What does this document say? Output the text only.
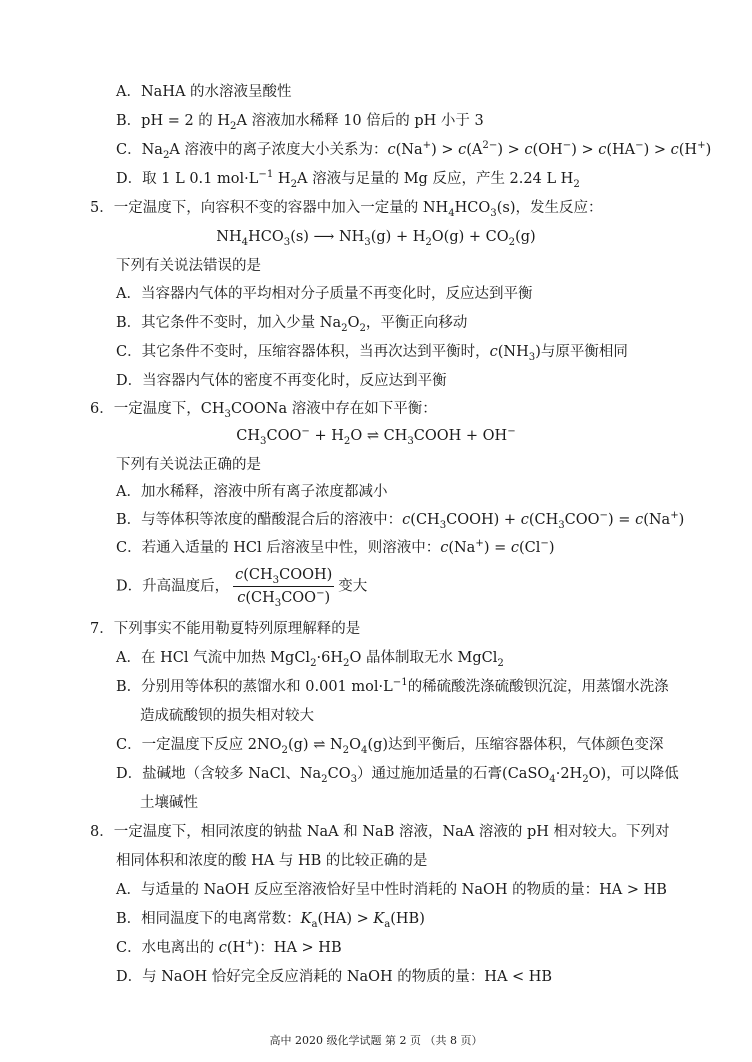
A．NaHA 的水溶液呈酸性
B．pH = 2 的 $H_2A$ 溶液加水稀释 10 倍后的 pH 小于 3
C．$Na_2A$ 溶液中的离子浓度大小关系为：$c(Na^+) > c(A^{2-}) > c(OH^-) > c(HA^-) > c(H^+)$
D．取 1 L 0.1 $mol\cdot L^{-1}$ $H_2A$ 溶液与足量的 Mg 反应，产生 2.24 L $H_2$
5．一定温度下，向容积不变的容器中加入一定量的 $NH_4HCO_3(s)$，发生反应：
$NH_4HCO_3(s)$ ⟶ $NH_3(g) + H_2O(g) + CO_2(g)$
下列有关说法错误的是
A．当容器内气体的平均相对分子质量不再变化时，反应达到平衡
B．其它条件不变时，加入少量 $Na_2O_2$，平衡正向移动
C．其它条件不变时，压缩容器体积，当再次达到平衡时，$c(NH_3)$与原平衡相同
D．当容器内气体的密度不再变化时，反应达到平衡
6．一定温度下，$CH_3COONa$ 溶液中存在如下平衡：
$CH_3COO^- + H_2O$ ⇌ $CH_3COOH + OH^-$
下列有关说法正确的是
A．加水稀释，溶液中所有离子浓度都减小
B．与等体积等浓度的醋酸混合后的溶液中：$c(CH_3COOH) + c(CH_3COO^-) = c(Na^+)$
C．若通入适量的 HCl 后溶液呈中性，则溶液中：c(Na+) = c(Cl−)
D．升高温度后， $\frac{c(CH_3COOH)}{c(CH_3COO^-)}$ 变大
7．下列事实不能用勒夏特列原理解释的是
A．在 HCl 气流中加热 $MgCl_2\cdot 6H_2O$ 晶体制取无水 MgCl$_2$
B．分别用等体积的蒸馏水和 0.001 $mol\cdot L^{-1}$的稀硫酸洗涤硫酸钡沉淀，用蒸馏水洗涤
造成硫酸钡的损失相对较大
C．一定温度下反应 $2NO_2(g)$ ⇌ $N_2O_4(g)$达到平衡后，压缩容器体积，气体颜色变深
D．盐碱地（含较多 NaCl、$Na_2CO_3$）通过施加适量的石膏$(CaSO_4\cdot 2H_2O)$，可以降低
土壤碱性
8．一定温度下，相同浓度的钠盐 NaA 和 NaB 溶液，NaA 溶液的 pH 相对较大。下列对
相同体积和浓度的酸 HA 与 HB 的比较正确的是
A．与适量的 NaOH 反应至溶液恰好呈中性时消耗的 NaOH 的物质的量：HA > HB
B．相同温度下的电离常数：$K_a(HA) > K_a(HB)$
C．水电离出的 c(H+)：HA > HB
D．与 NaOH 恰好完全反应消耗的 NaOH 的物质的量：HA < HB
高中 2020 级化学试题 第 2 页 （共 8 页）
